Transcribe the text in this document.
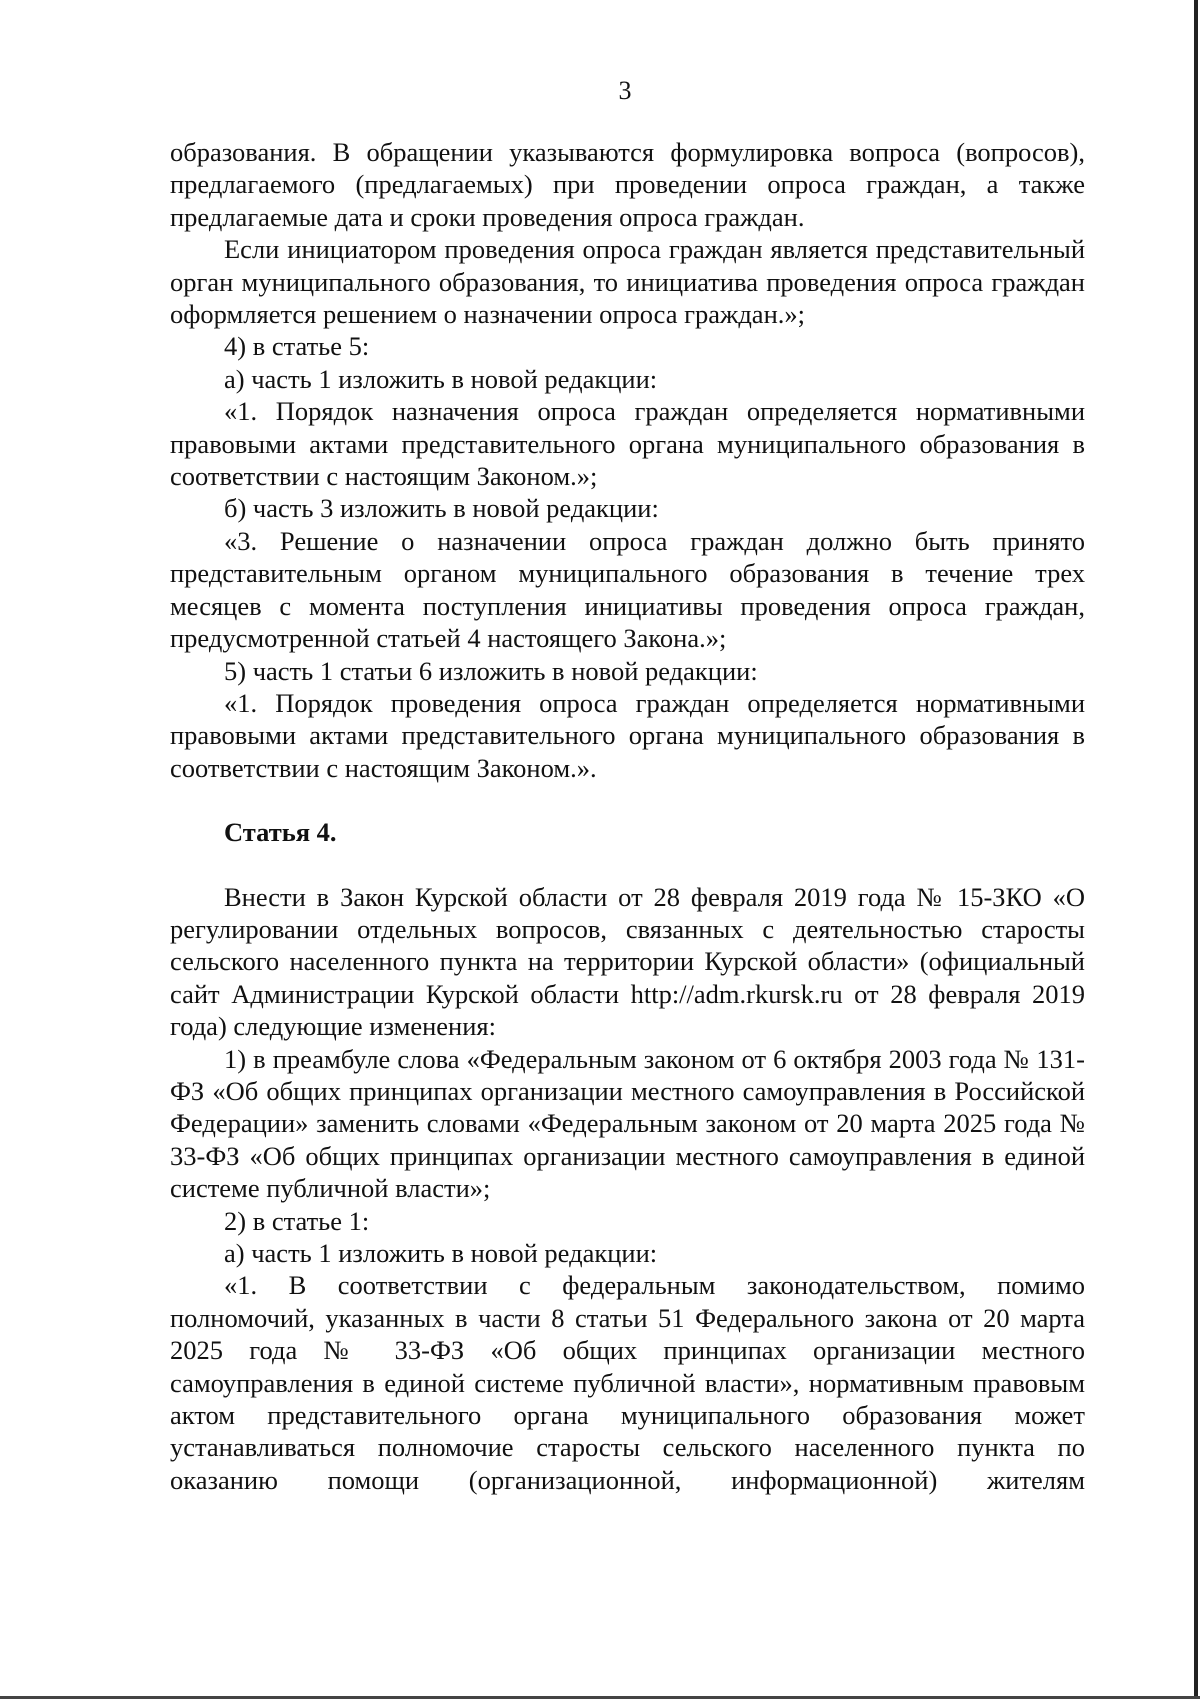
3

образования. В обращении указываются формулировка вопроса (вопросов), предлагаемого (предлагаемых) при проведении опроса граждан, а также предлагаемые дата и сроки проведения опроса граждан.

Если инициатором проведения опроса граждан является представительный орган муниципального образования, то инициатива проведения опроса граждан оформляется решением о назначении опроса граждан.»;

4) в статье 5:

а) часть 1 изложить в новой редакции:

«1. Порядок назначения опроса граждан определяется нормативными правовыми актами представительного органа муниципального образования в соответствии с настоящим Законом.»;

б) часть 3 изложить в новой редакции:

«3. Решение о назначении опроса граждан должно быть принято представительным органом муниципального образования в течение трех месяцев с момента поступления инициативы проведения опроса граждан, предусмотренной статьей 4 настоящего Закона.»;

5) часть 1 статьи 6 изложить в новой редакции:

«1. Порядок проведения опроса граждан определяется нормативными правовыми актами представительного органа муниципального образования в соответствии с настоящим Законом.».

Статья 4.

Внести в Закон Курской области от 28 февраля 2019 года № 15-ЗКО «О регулировании отдельных вопросов, связанных с деятельностью старосты сельского населенного пункта на территории Курской области» (официальный сайт Администрации Курской области http://adm.rkursk.ru от 28 февраля 2019 года) следующие изменения:

1) в преамбуле слова «Федеральным законом от 6 октября 2003 года № 131-ФЗ «Об общих принципах организации местного самоуправления в Российской Федерации» заменить словами «Федеральным законом от 20 марта 2025 года № 33-ФЗ «Об общих принципах организации местного самоуправления в единой системе публичной власти»;

2) в статье 1:

а) часть 1 изложить в новой редакции:

«1. В соответствии с федеральным законодательством, помимо полномочий, указанных в части 8 статьи 51 Федерального закона от 20 марта 2025 года № 33-ФЗ «Об общих принципах организации местного самоуправления в единой системе публичной власти», нормативным правовым актом представительного органа муниципального образования может устанавливаться полномочие старосты сельского населенного пункта по оказанию помощи (организационной, информационной) жителям
